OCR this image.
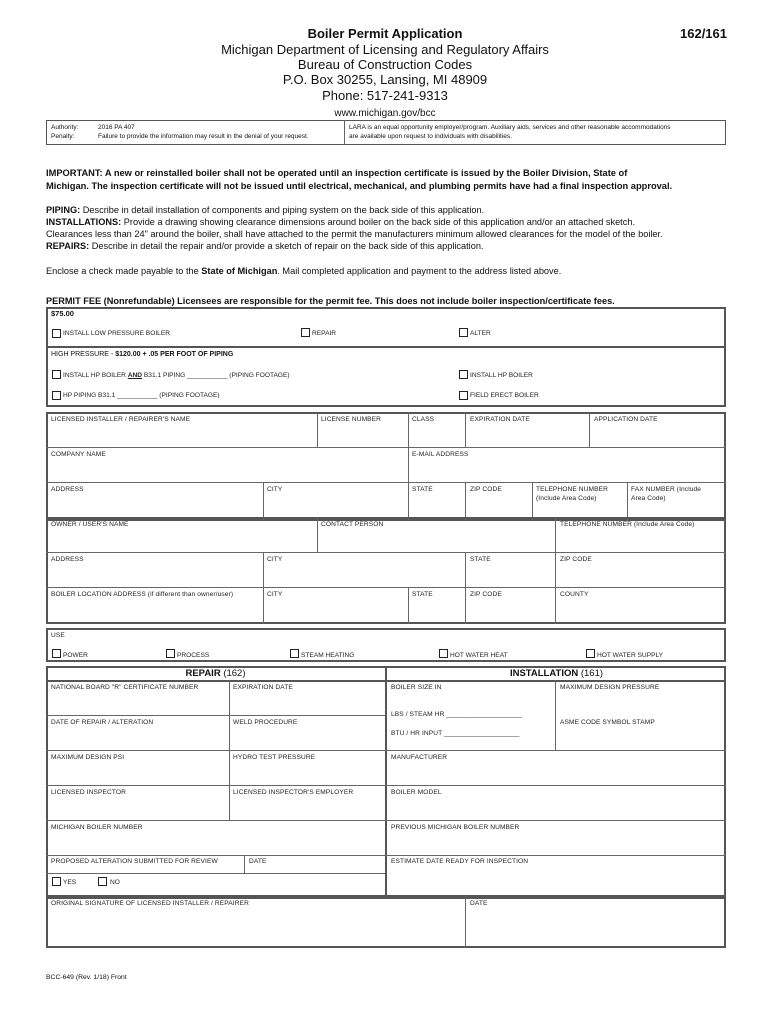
Boiler Permit Application	162/161
Michigan Department of Licensing and Regulatory Affairs
Bureau of Construction Codes
P.O. Box 30255, Lansing, MI 48909
Phone: 517-241-9313
www.michigan.gov/bcc
Authority:	2016 PA 407
Penalty:	Failure to provide the information may result in the denial of your request.
LARA is an equal opportunity employer/program. Auxiliary aids, services and other reasonable accommodations
are available upon request to individuals with disabilities.
IMPORTANT: A new or reinstalled boiler shall not be operated until an inspection certificate is issued by the Boiler Division, State of
Michigan. The inspection certificate will not be issued until electrical, mechanical, and plumbing permits have had a final inspection approval.
PIPING: Describe in detail installation of components and piping system on the back side of this application.
INSTALLATIONS: Provide a drawing showing clearance dimensions around boiler on the back side of this application and/or an attached sketch.
Clearances less than 24" around the boiler, shall have attached to the permit the manufacturers minimum allowed clearances for the model of the boiler.
REPAIRS: Describe in detail the repair and/or provide a sketch of repair on the back side of this application.
Enclose a check made payable to the State of Michigan. Mail completed application and payment to the address listed above.
PERMIT FEE (Nonrefundable) Licensees are responsible for the permit fee. This does not include boiler inspection/certificate fees.
$75.00
INSTALL LOW PRESSURE BOILER	REPAIR	ALTER
HIGH PRESSURE - $120.00 + .05 PER FOOT OF PIPING
INSTALL HP BOILER AND B31.1 PIPING ___________ (PIPING FOOTAGE)	INSTALL HP BOILER
HP PIPING B31.1 ___________ (PIPING FOOTAGE)	FIELD ERECT BOILER
LICENSED INSTALLER / REPAIRER'S NAME	LICENSE NUMBER	CLASS	EXPIRATION DATE	APPLICATION DATE
COMPANY NAME	E-MAIL ADDRESS
ADDRESS	CITY	STATE	ZIP CODE	TELEPHONE NUMBER
(Include Area Code)
FAX NUMBER (Include
Area Code)
OWNER / USER'S NAME	CONTACT PERSON	TELEPHONE NUMBER (Include Area Code)
ADDRESS	CITY	STATE	ZIP CODE
BOILER LOCATION ADDRESS (if different than owner/user)	CITY	STATE	ZIP CODE	COUNTY
USE
POWER	PROCESS	STEAM HEATING	HOT WATER HEAT	HOT WATER SUPPLY
REPAIR (162)	INSTALLATION (161)
NATIONAL BOARD "R" CERTIFICATE NUMBER	EXPIRATION DATE
DATE OF REPAIR / ALTERATION	WELD PROCEDURE
MAXIMUM DESIGN PSI	HYDRO TEST PRESSURE
LICENSED INSPECTOR	LICENSED INSPECTOR'S EMPLOYER
MICHIGAN BOILER NUMBER
PROPOSED ALTERATION SUBMITTED FOR REVIEW	DATE
YES	NO
BOILER SIZE IN	MAXIMUM DESIGN PRESSURE
LBS / STEAM HR ____________________
BTU / HR INPUT ____________________
ASME CODE SYMBOL STAMP
MANUFACTURER
BOILER MODEL
PREVIOUS MICHIGAN BOILER NUMBER
ESTIMATE DATE READY FOR INSPECTION
ORIGINAL SIGNATURE OF LICENSED INSTALLER / REPAIRER	DATE
BCC-649 (Rev. 1/18) Front
